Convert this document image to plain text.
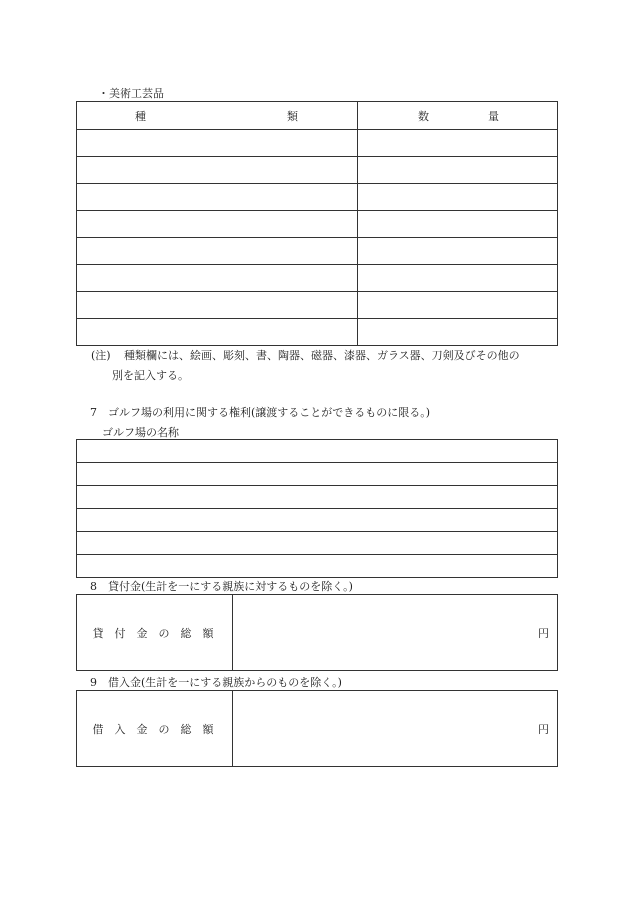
・美術工芸品
種 類	数 量

(注) 種類欄には、絵画、彫刻、書、陶器、磁器、漆器、ガラス器、刀剣及びその他の
別を記入する。
7　ゴルフ場の利用に関する権利(譲渡することができるものに限る。)
ゴルフ場の名称

8　貸付金(生計を一にする親族に対するものを除く。)
貸付金の総額	円
9　借入金(生計を一にする親族からのものを除く。)
借入金の総額	円
